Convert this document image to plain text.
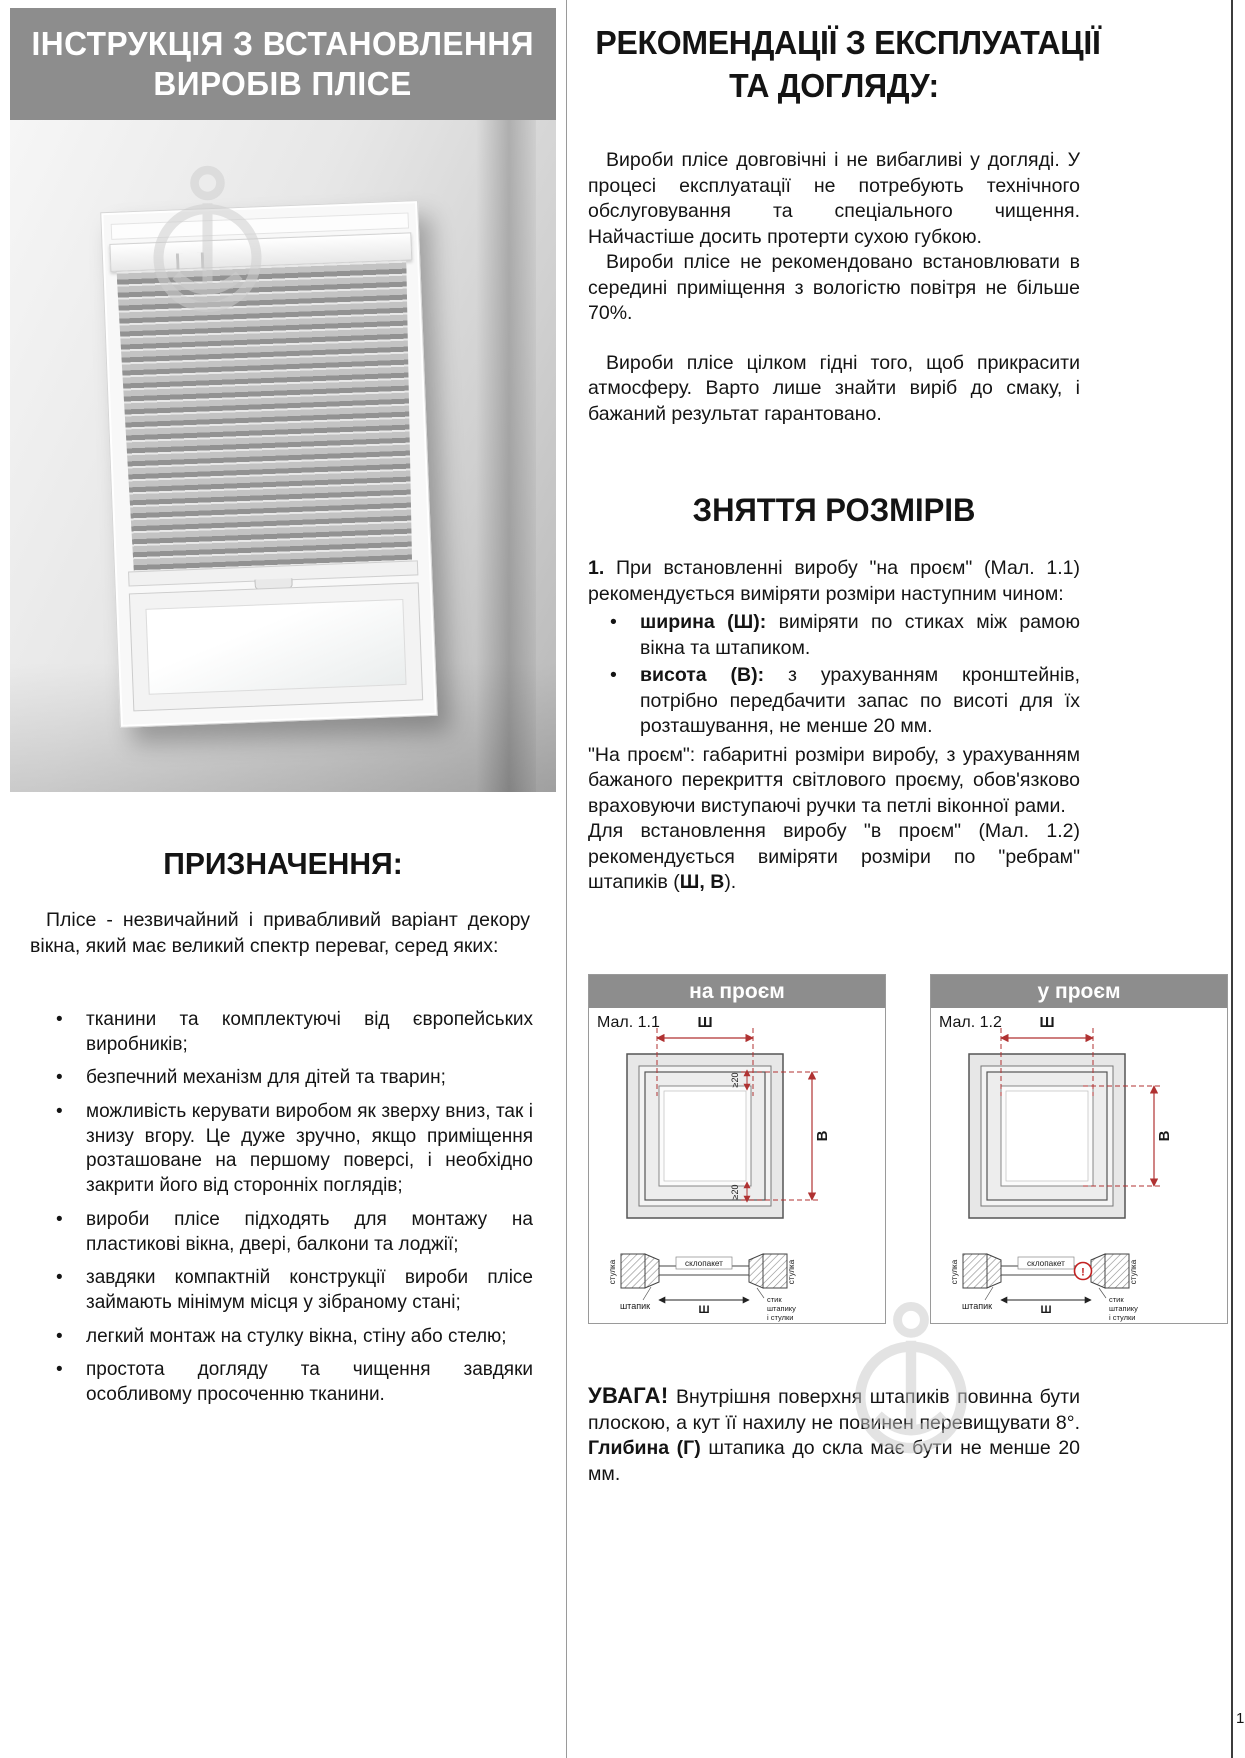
1
ІНСТРУКЦІЯ З ВСТАНОВЛЕННЯ
ВИРОБІВ ПЛІСЕ
ПРИЗНАЧЕННЯ:

Плісе - незвичайний і привабливий варіант декору вікна, який має великий спектр переваг, серед яких:

• тканини та комплектуючі від європейських виробників;
• безпечний механізм для дітей та тварин;
• можливість керувати виробом як зверху вниз, так і знизу вгору. Це дуже зручно, якщо приміщення розташоване на першому поверсі, і необхідно закрити його від сторонніх поглядів;
• вироби плісе підходять для монтажу на пластикові вікна, двері, балкони та лоджії;
• завдяки компактній конструкції вироби плісе займають мінімум місця у зібраному стані;
• легкий монтаж на стулку вікна, стіну або стелю;
• простота догляду та чищення завдяки особливому просоченню тканини.
РЕКОМЕНДАЦІЇ З ЕКСПЛУАТАЦІЇ
ТА ДОГЛЯДУ:

Вироби плісе довговічні і не вибагливі у догляді. У процесі експлуатації не потребують технічного обслуговування та спеціального чищення. Найчастіше досить протерти сухою губкою.

Вироби плісе не рекомендовано встановлювати в середині приміщення з вологістю повітря не більше 70%.

Вироби плісе цілком гідні того, щоб прикрасити атмосферу. Варто лише знайти виріб до смаку, і бажаний результат гарантовано.

ЗНЯТТЯ РОЗМІРІВ

1. При встановленні виробу "на проєм" (Мал. 1.1) рекомендується виміряти розміри наступним чином:

• ширина (Ш): виміряти по стиках між рамою вікна та штапиком.
• висота (В): з урахуванням кронштейнів, потрібно передбачити запас по висоті для їх розташування, не менше 20 мм.

"На проєм": габаритні розміри виробу, з урахуванням бажаного перекриття світлового проєму, обов'язково враховуючи виступаючі ручки та петлі віконної рами.

Для встановлення виробу "в проєм" (Мал. 1.2) рекомендується виміряти розміри по "ребрам" штапиків (Ш, В).

на проєм
Мал. 1.1	Ш
В
≥20
≥20
склопакет
стулка	стулка
штапик	Ш
стик
штапику
і стулки
у проєм
Мал. 1.2	Ш
В
склопакет
!
стулка	стулка
штапик	Ш
стик
штапику
і стулки

УВАГА! Внутрішня поверхня штапиків повинна бути плоскою, а кут її нахилу не повинен перевищувати 8°. Глибина (Г) штапика до скла має бути не менше 20 мм.
